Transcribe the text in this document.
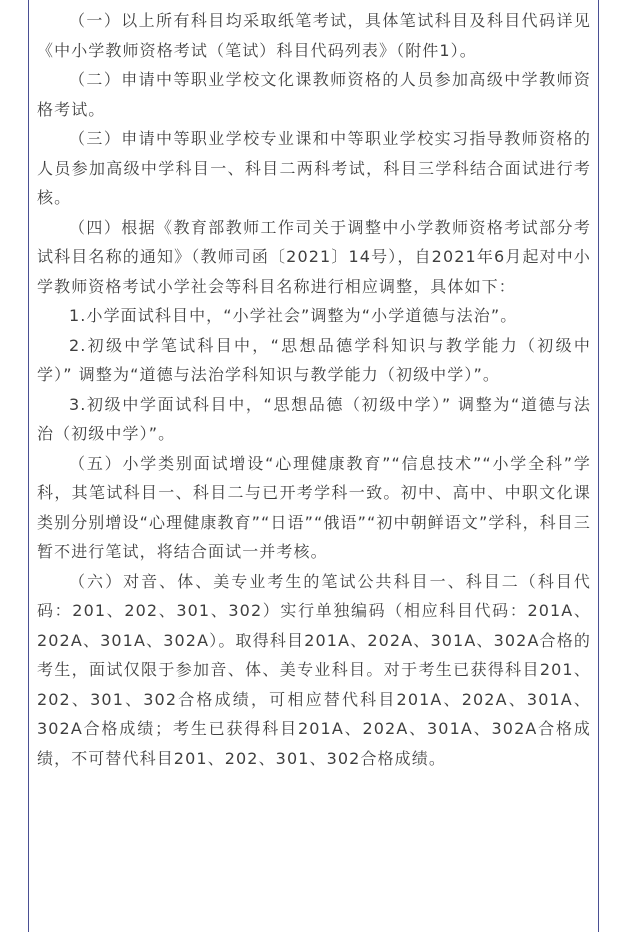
（一）以上所有科目均采取纸笔考试，具体笔试科目及科目代码详见《中小学教师资格考试（笔试）科目代码列表》（附件1）。

（二）申请中等职业学校文化课教师资格的人员参加高级中学教师资格考试。

（三）申请中等职业学校专业课和中等职业学校实习指导教师资格的人员参加高级中学科目一、科目二两科考试，科目三学科结合面试进行考核。

（四）根据《教育部教师工作司关于调整中小学教师资格考试部分考试科目名称的通知》（教师司函〔2021〕14号），自2021年6月起对中小学教师资格考试小学社会等科目名称进行相应调整，具体如下：

1.小学面试科目中，“小学社会”调整为“小学道德与法治”。

2.初级中学笔试科目中，“思想品德学科知识与教学能力（初级中学）” 调整为“道德与法治学科知识与教学能力（初级中学）”。

3.初级中学面试科目中，“思想品德（初级中学）” 调整为“道德与法治（初级中学）”。

（五）小学类别面试增设“心理健康教育”“信息技术”“小学全科”学科，其笔试科目一、科目二与已开考学科一致。初中、高中、中职文化课类别分别增设“心理健康教育”“日语”“俄语”“初中朝鲜语文”学科，科目三暂不进行笔试，将结合面试一并考核。

（六）对音、体、美专业考生的笔试公共科目一、科目二（科目代码：201、202、301、302）实行单独编码（相应科目代码：201A、202A、301A、302A）。取得科目201A、202A、301A、302A合格的考生，面试仅限于参加音、体、美专业科目。对于考生已获得科目201、202、301、302合格成绩，可相应替代科目201A、202A、301A、302A合格成绩；考生已获得科目201A、202A、301A、302A合格成绩，不可替代科目201、202、301、302合格成绩。
